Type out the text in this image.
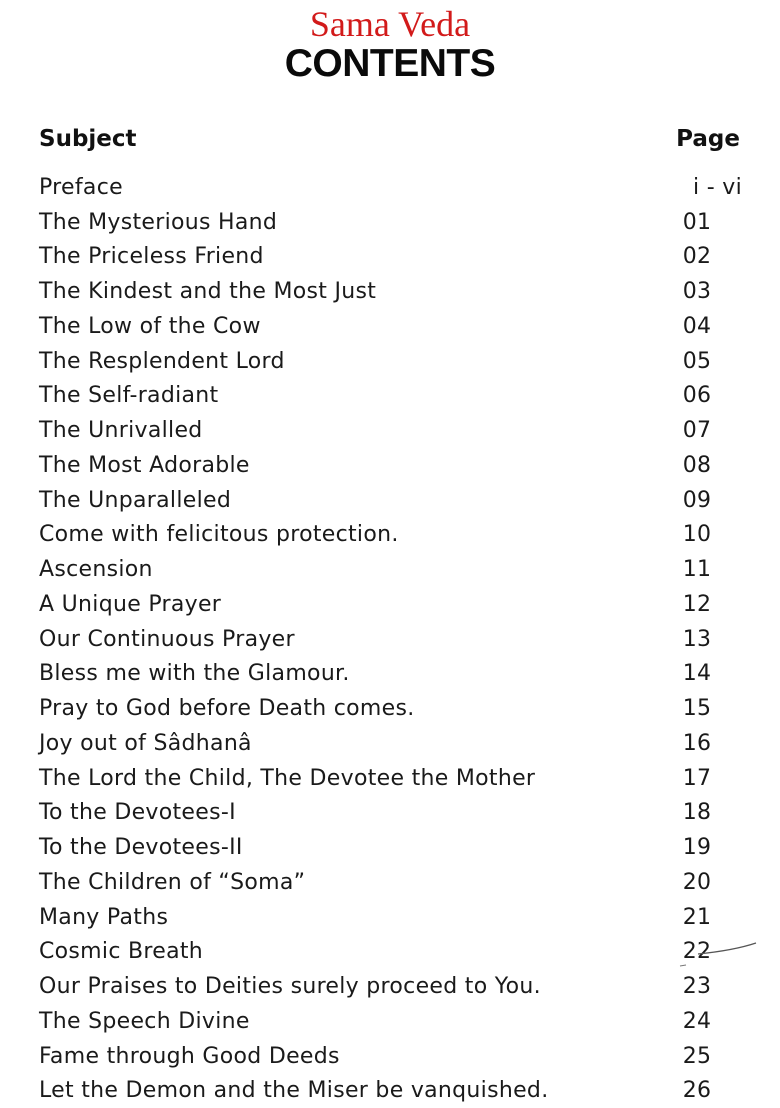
Sama Veda
CONTENTS
Subject	Page
Preface	i - vi
The Mysterious Hand	01
The Priceless Friend	02
The Kindest and the Most Just	03
The Low of the Cow	04
The Resplendent Lord	05
The Self-radiant	06
The Unrivalled	07
The Most Adorable	08
The Unparalleled	09
Come with felicitous protection.	10
Ascension	11
A Unique Prayer	12
Our Continuous Prayer	13
Bless me with the Glamour.	14
Pray to God before Death comes.	15
Joy out of Sâdhanâ	16
The Lord the Child, The Devotee the Mother	17
To the Devotees-I	18
To the Devotees-II	19
The Children of “Soma”	20
Many Paths	21
Cosmic Breath	22
Our Praises to Deities surely proceed to You.	23
The Speech Divine	24
Fame through Good Deeds	25
Let the Demon and the Miser be vanquished.	26
